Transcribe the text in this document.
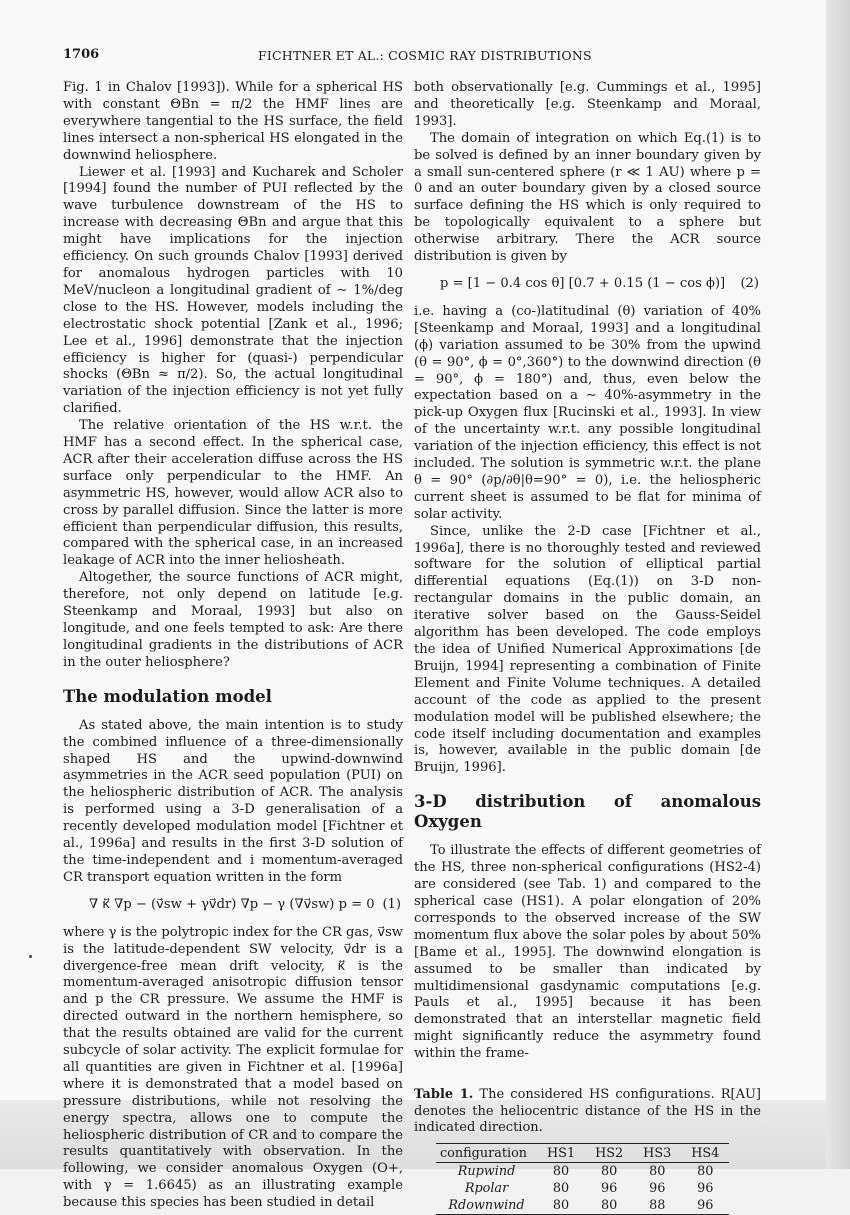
1706	FICHTNER ET AL.: COSMIC RAY DISTRIBUTIONS

Fig. 1 in Chalov [1993]). While for a spherical HS with constant ΘBn = π/2 the HMF lines are everywhere tangential to the HS surface, the field lines intersect a non-spherical HS elongated in the downwind heliosphere.

Liewer et al. [1993] and Kucharek and Scholer [1994] found the number of PUI reflected by the wave turbulence downstream of the HS to increase with decreasing ΘBn and argue that this might have implications for the injection efficiency. On such grounds Chalov [1993] derived for anomalous hydrogen particles with 10 MeV/nucleon a longitudinal gradient of ∼ 1%/deg close to the HS. However, models including the electrostatic shock potential [Zank et al., 1996; Lee et al., 1996] demonstrate that the injection efficiency is higher for (quasi-) perpendicular shocks (ΘBn ≈ π/2). So, the actual longitudinal variation of the injection efficiency is not yet fully clarified.

The relative orientation of the HS w.r.t. the HMF has a second effect. In the spherical case, ACR after their acceleration diffuse across the HS surface only perpendicular to the HMF. An asymmetric HS, however, would allow ACR also to cross by parallel diffusion. Since the latter is more efficient than perpendicular diffusion, this results, compared with the spherical case, in an increased leakage of ACR into the inner heliosheath.

Altogether, the source functions of ACR might, therefore, not only depend on latitude [e.g. Steenkamp and Moraal, 1993] but also on longitude, and one feels tempted to ask: Are there longitudinal gradients in the distributions of ACR in the outer heliosphere?

The modulation model

As stated above, the main intention is to study the combined influence of a three-dimensionally shaped HS and the upwind-downwind asymmetries in the ACR seed population (PUI) on the heliospheric distribution of ACR. The analysis is performed using a 3-D generalisation of a recently developed modulation model [Fichtner et al., 1996a] and results in the first 3-D solution of the time-independent and i momentum-averaged CR transport equation written in the form

∇ κ⃡ ∇p − (v⃗sw + γv⃗dr) ∇p − γ (∇v⃗sw) p = 0 (1)

where γ is the polytropic index for the CR gas, v⃗sw is the latitude-dependent SW velocity, v⃗dr is a divergence-free mean drift velocity, κ⃡ is the momentum-averaged anisotropic diffusion tensor and p the CR pressure. We assume the HMF is directed outward in the northern hemisphere, so that the results obtained are valid for the current subcycle of solar activity. The explicit formulae for all quantities are given in Fichtner et al. [1996a] where it is demonstrated that a model based on pressure distributions, while not resolving the energy spectra, allows one to compute the heliospheric distribution of CR and to compare the results quantitatively with observation. In the following, we consider anomalous Oxygen (O+, with γ = 1.6645) as an illustrating example because this species has been studied in detail

both observationally [e.g. Cummings et al., 1995] and theoretically [e.g. Steenkamp and Moraal, 1993].

The domain of integration on which Eq.(1) is to be solved is defined by an inner boundary given by a small sun-centered sphere (r ≪ 1 AU) where p = 0 and an outer boundary given by a closed source surface defining the HS which is only required to be topologically equivalent to a sphere but otherwise arbitrary. There the ACR source distribution is given by

p = [1 − 0.4 cos θ] [0.7 + 0.15 (1 − cos ϕ)] (2)

i.e. having a (co-)latitudinal (θ) variation of 40% [Steenkamp and Moraal, 1993] and a longitudinal (ϕ) variation assumed to be 30% from the upwind (θ = 90°, ϕ = 0°,360°) to the downwind direction (θ = 90°, ϕ = 180°) and, thus, even below the expectation based on a ∼ 40%-asymmetry in the pick-up Oxygen flux [Rucinski et al., 1993]. In view of the uncertainty w.r.t. any possible longitudinal variation of the injection efficiency, this effect is not included. The solution is symmetric w.r.t. the plane θ = 90° (∂p/∂θ|θ=90° = 0), i.e. the heliospheric current sheet is assumed to be flat for minima of solar activity.

Since, unlike the 2-D case [Fichtner et al., 1996a], there is no thoroughly tested and reviewed software for the solution of elliptical partial differential equations (Eq.(1)) on 3-D non-rectangular domains in the public domain, an iterative solver based on the Gauss-Seidel algorithm has been developed. The code employs the idea of Unified Numerical Approximations [de Bruijn, 1994] representing a combination of Finite Element and Finite Volume techniques. A detailed account of the code as applied to the present modulation model will be published elsewhere; the code itself including documentation and examples is, however, available in the public domain [de Bruijn, 1996].

3-D distribution of anomalous Oxygen

To illustrate the effects of different geometries of the HS, three non-spherical configurations (HS2-4) are considered (see Tab. 1) and compared to the spherical case (HS1). A polar elongation of 20% corresponds to the observed increase of the SW momentum flux above the solar poles by about 50% [Bame et al., 1995]. The downwind elongation is assumed to be smaller than indicated by multidimensional gasdynamic computations [e.g. Pauls et al., 1995] because it has been demonstrated that an interstellar magnetic field might significantly reduce the asymmetry found within the frame-

Table 1. The considered HS configurations. R[AU] denotes the heliocentric distance of the HS in the indicated direction.
configuration	HS1	HS2	HS3	HS4
Rupwind	80	80	80	80
Rpolar	80	96	96	96
Rdownwind	80	80	88	96
